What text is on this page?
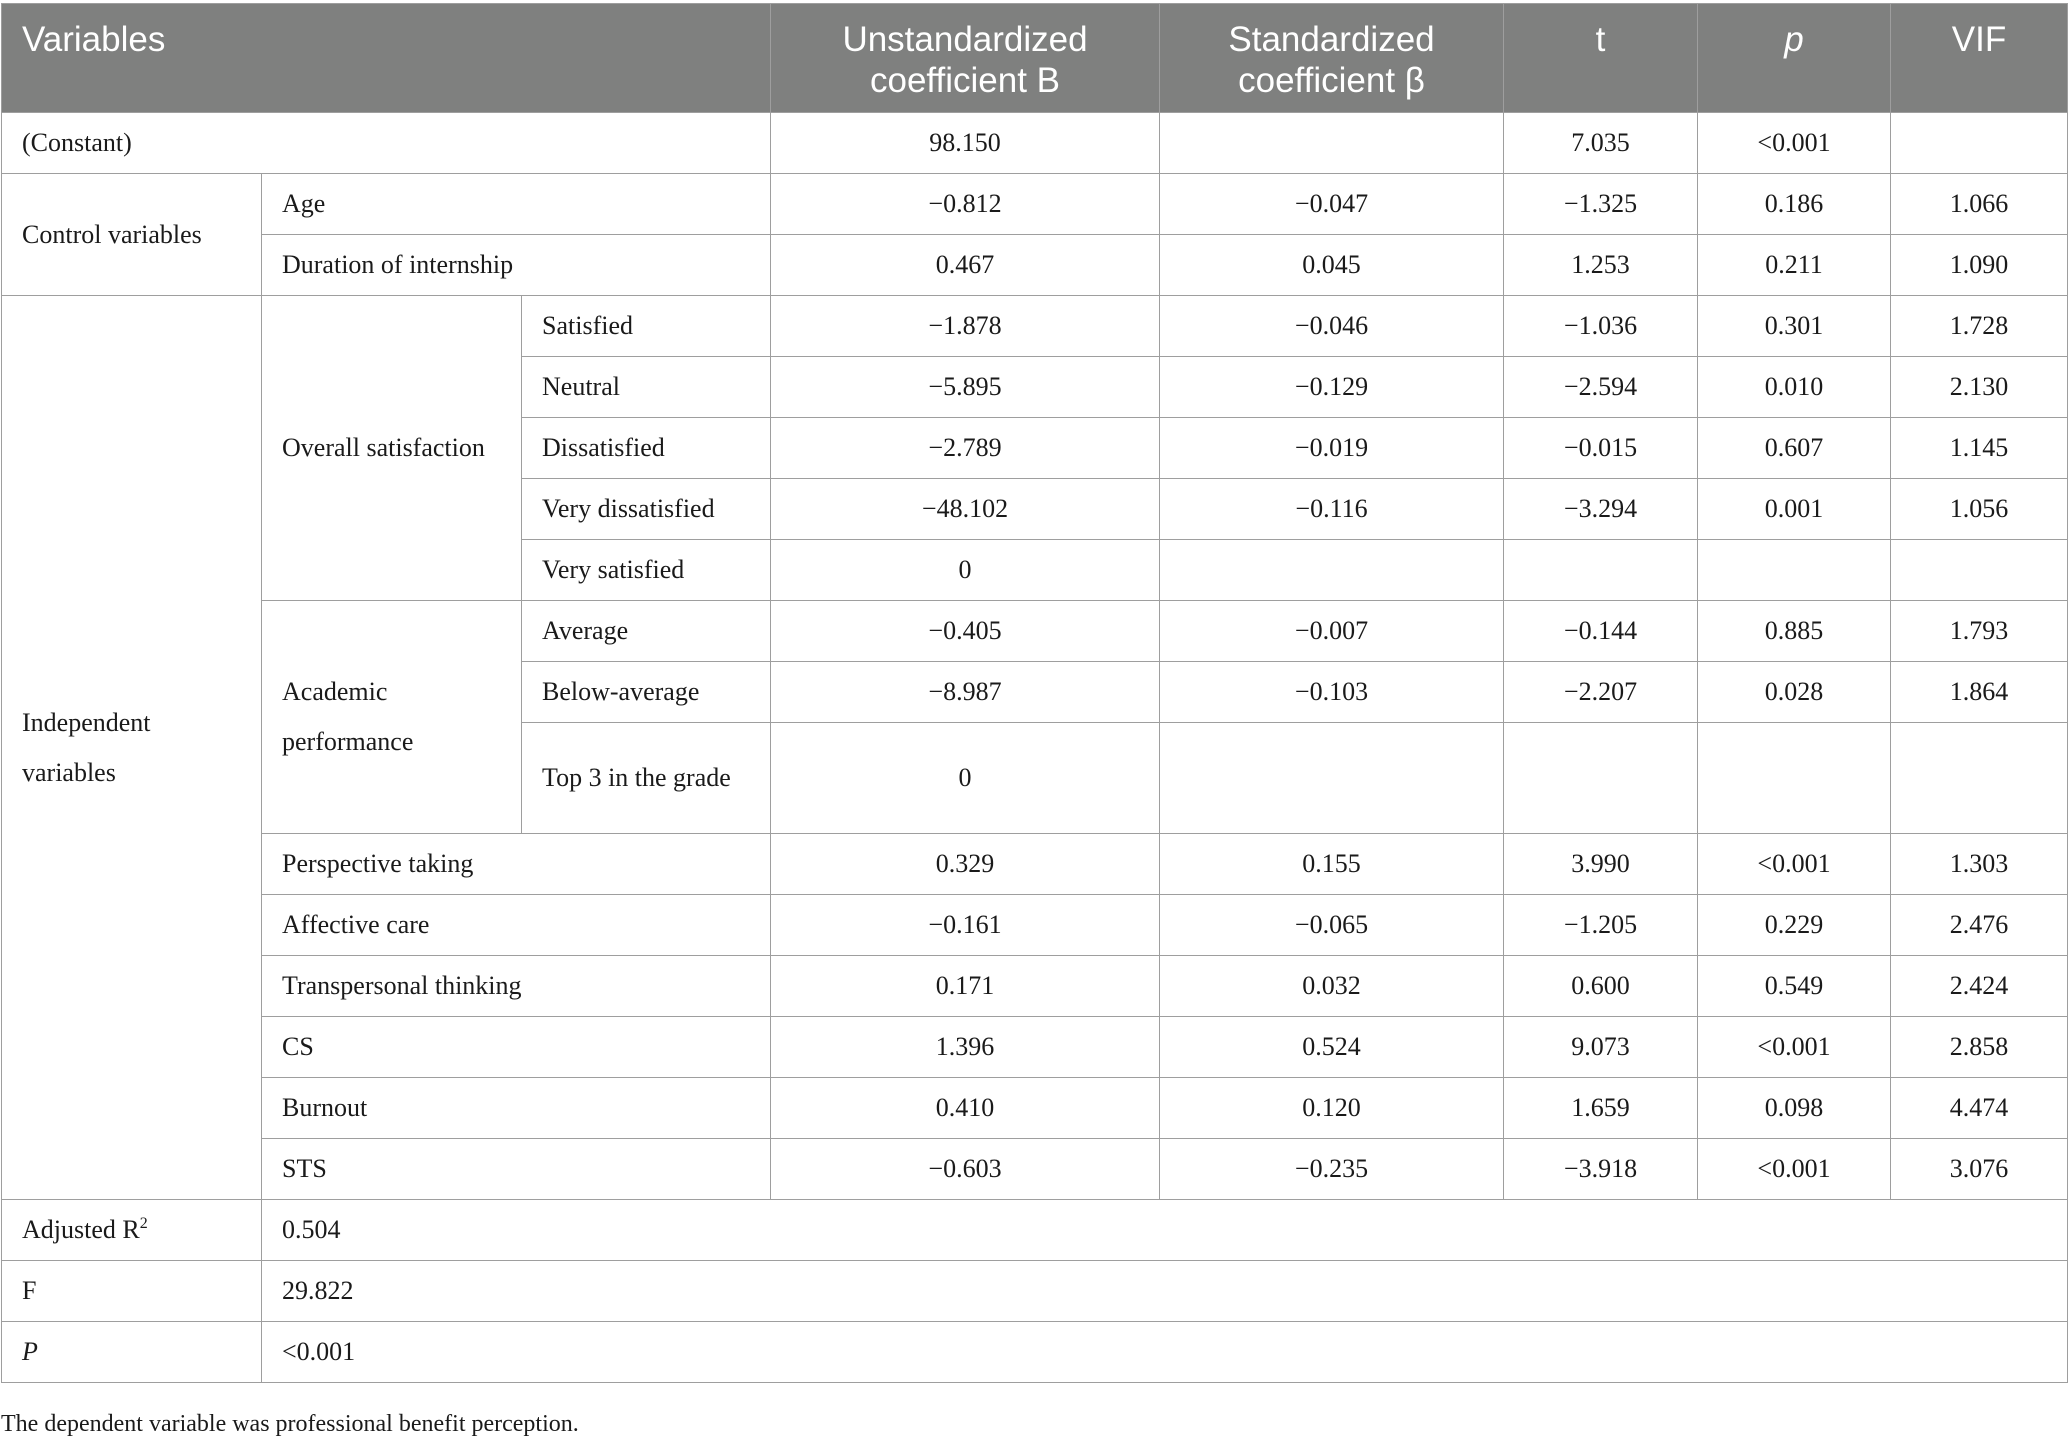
Variables			Unstandardized coefficient B	Standardized coefficient β	t	p	VIF
(Constant)			98.150		7.035	<0.001	
Control variables	Age		−0.812	−0.047	−1.325	0.186	1.066
	Duration of internship		0.467	0.045	1.253	0.211	1.090
Independent variables	Overall satisfaction	Satisfied	−1.878	−0.046	−1.036	0.301	1.728
		Neutral	−5.895	−0.129	−2.594	0.010	2.130
		Dissatisfied	−2.789	−0.019	−0.015	0.607	1.145
		Very dissatisfied	−48.102	−0.116	−3.294	0.001	1.056
		Very satisfied	0				
	Academic performance	Average	−0.405	−0.007	−0.144	0.885	1.793
		Below-average	−8.987	−0.103	−2.207	0.028	1.864
		Top 3 in the grade	0				
	Perspective taking		0.329	0.155	3.990	<0.001	1.303
	Affective care		−0.161	−0.065	−1.205	0.229	2.476
	Transpersonal thinking		0.171	0.032	0.600	0.549	2.424
	CS		1.396	0.524	9.073	<0.001	2.858
	Burnout		0.410	0.120	1.659	0.098	4.474
	STS		−0.603	−0.235	−3.918	<0.001	3.076
Adjusted $R^2$	0.504						
F	29.822						
P	<0.001						
The dependent variable was professional benefit perception.
